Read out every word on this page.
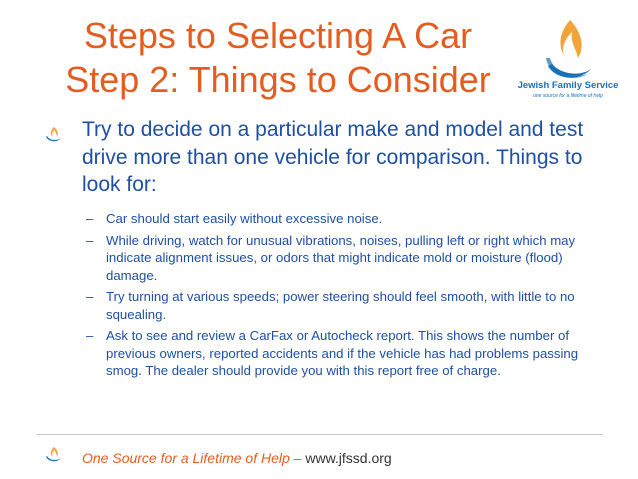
Steps to Selecting A Car
Step 2: Things to Consider	Jewish Family Service
one source for a lifetime of help
Try to decide on a particular make and model and test drive more than one vehicle for comparison. Things to look for:
– Car should start easily without excessive noise.
– While driving, watch for unusual vibrations, noises, pulling left or right which may indicate alignment issues, or odors that might indicate mold or moisture (flood) damage.
– Try turning at various speeds; power steering should feel smooth, with little to no squealing.
– Ask to see and review a CarFax or Autocheck report. This shows the number of previous owners, reported accidents and if the vehicle has had problems passing smog. The dealer should provide you with this report free of charge.
One Source for a Lifetime of Help – www.jfssd.org
